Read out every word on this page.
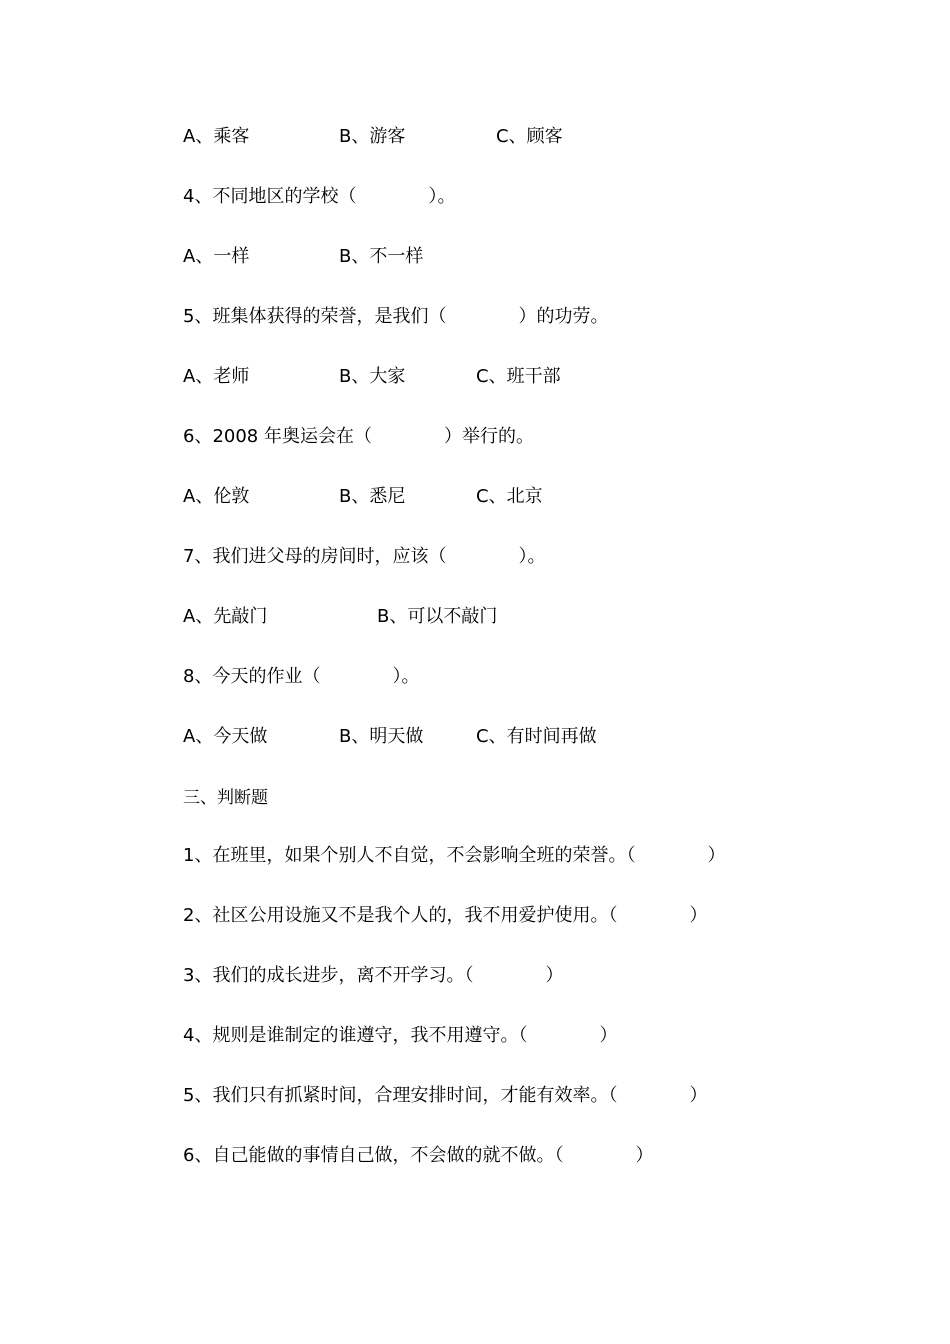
A、乘客	B、游客	C、顾客
4、不同地区的学校（　　　　）。
A、一样	B、不一样
5、班集体获得的荣誉，是我们（　　　　）的功劳。
A、老师	B、大家	C、班干部
6、2008 年奥运会在（　　　　）举行的。
A、伦敦	B、悉尼	C、北京
7、我们进父母的房间时，应该（　　　　）。
A、先敲门	B、可以不敲门
8、今天的作业（　　　　）。
A、今天做	B、明天做	C、有时间再做
三、判断题
1、在班里，如果个别人不自觉，不会影响全班的荣誉。（　　　　）
2、社区公用设施又不是我个人的，我不用爱护使用。（　　　　）
3、我们的成长进步，离不开学习。（　　　　）
4、规则是谁制定的谁遵守，我不用遵守。（　　　　）
5、我们只有抓紧时间，合理安排时间，才能有效率。（　　　　）
6、自己能做的事情自己做，不会做的就不做。（　　　　）
